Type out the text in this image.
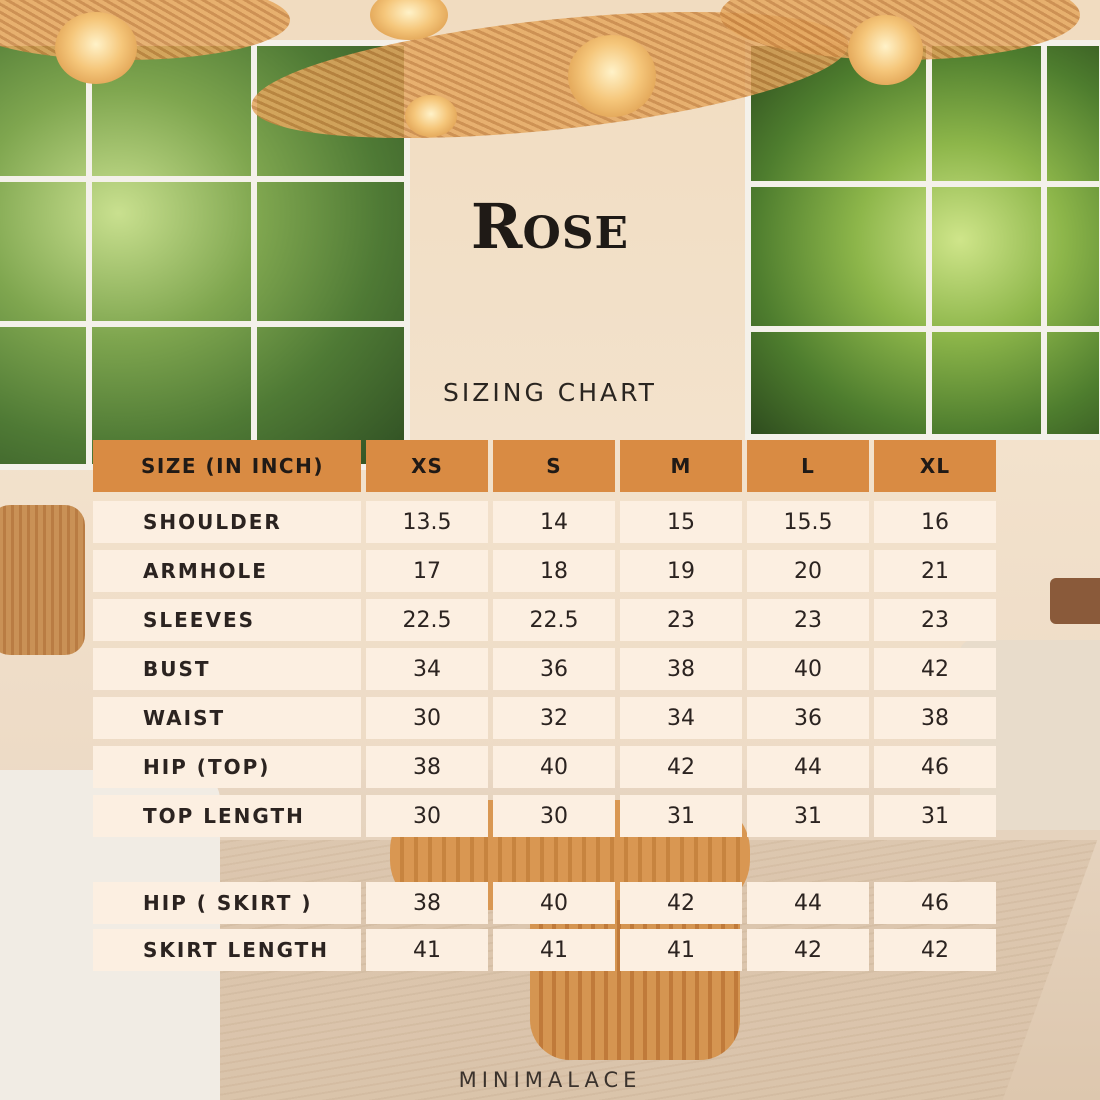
ROSE
SIZING CHART
SIZE (IN INCH)	XS	S	M	L	XL
SHOULDER	13.5	14	15	15.5	16
ARMHOLE	17	18	19	20	21
SLEEVES	22.5	22.5	23	23	23
BUST	34	36	38	40	42
WAIST	30	32	34	36	38
HIP (TOP)	38	40	42	44	46
TOP LENGTH	30	30	31	31	31
HIP ( SKIRT )	38	40	42	44	46
SKIRT LENGTH	41	41	41	42	42
MINIMALACE
